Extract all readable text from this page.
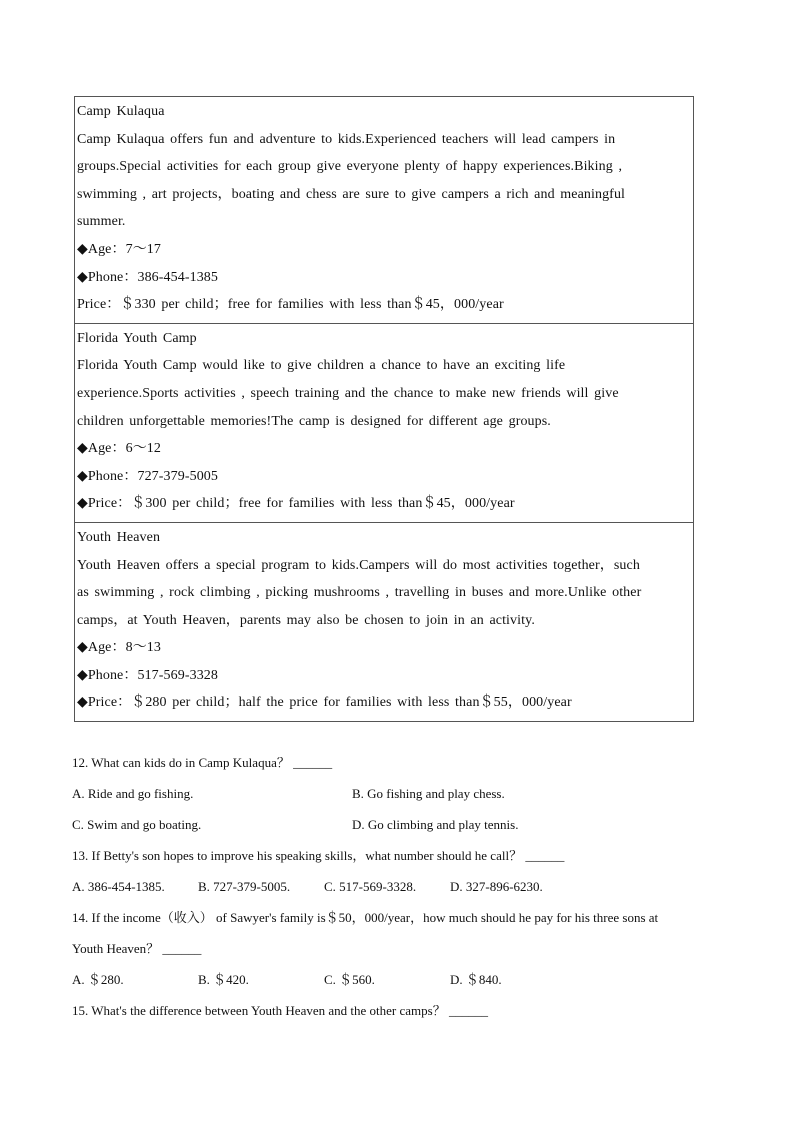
Camp Kulaqua
Camp Kulaqua offers fun and adventure to kids.Experienced teachers will lead campers in
groups.Special activities for each group give everyone plenty of happy experiences.Biking ,
swimming , art projects，boating and chess are sure to give campers a rich and meaningful
summer.
◆Age：7～17
◆Phone：386-454-1385
Price：＄330 per child；free for families with less than＄45，000/year
Florida Youth Camp
Florida Youth Camp would like to give children a chance to have an exciting life
experience.Sports activities , speech training and the chance to make new friends will give
children unforgettable memories!The camp is designed for different age groups.
◆Age：6～12
◆Phone：727-379-5005
◆Price：＄300 per child；free for families with less than＄45，000/year
Youth Heaven
Youth Heaven offers a special program to kids.Campers will do most activities together，such
as swimming , rock climbing , picking mushrooms , travelling in buses and more.Unlike other
camps，at Youth Heaven，parents may also be chosen to join in an activity.
◆Age：8～13
◆Phone：517-569-3328
◆Price：＄280 per child；half the price for families with less than＄55，000/year
12. What can kids do in Camp Kulaqua？ ______
A. Ride and go fishing.	B. Go fishing and play chess.
C. Swim and go boating.	D. Go climbing and play tennis.
13. If Betty's son hopes to improve his speaking skills，what number should he call？ ______
A. 386-454-1385.	B. 727-379-5005.	C. 517-569-3328.	D. 327-896-6230.
14. If the income（收入） of Sawyer's family is＄50，000/year，how much should he pay for his three sons at
Youth Heaven？ ______
A. ＄280.	B. ＄420.	C. ＄560.	D. ＄840.
15. What's the difference between Youth Heaven and the other camps？ ______
